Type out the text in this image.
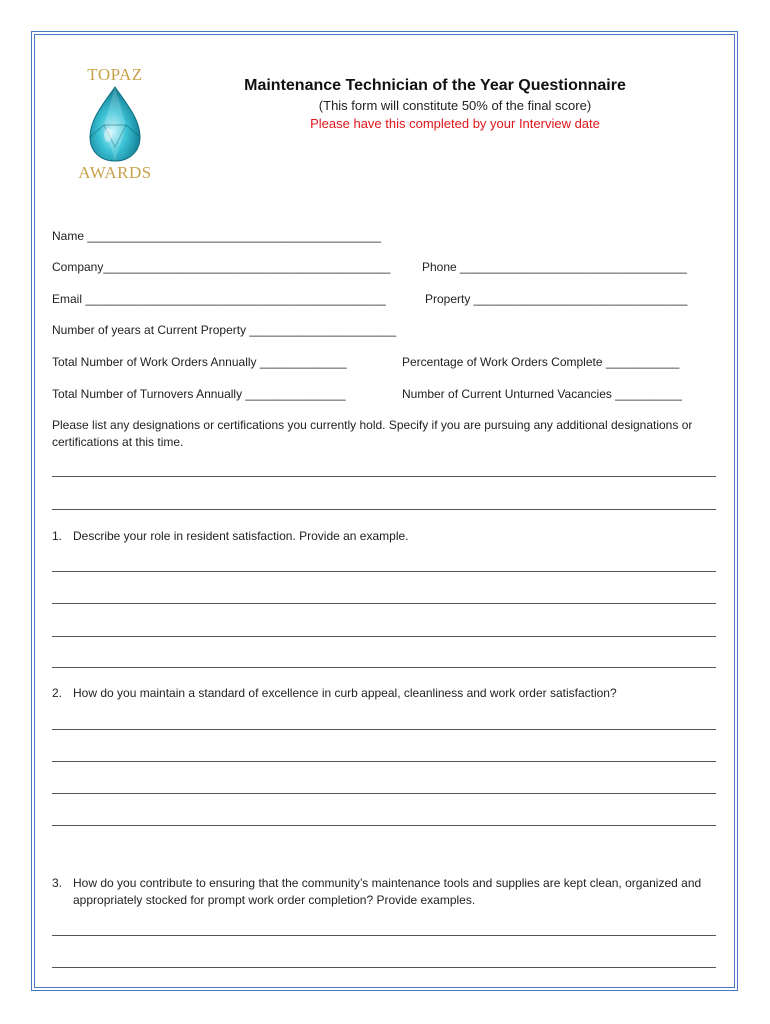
TOPAZ
AWARDS
Maintenance Technician of the Year Questionnaire
(This form will constitute 50% of the final score)
Please have this completed by your Interview date
Name ____________________________________________
Company___________________________________________	Phone __________________________________
Email _____________________________________________	Property ________________________________
Number of years at Current Property ______________________
Total Number of Work Orders Annually _____________	Percentage of Work Orders Complete ___________
Total Number of Turnovers Annually _______________	Number of Current Unturned Vacancies __________
Please list any designations or certifications you currently hold. Specify if you are pursuing any additional designations or certifications at this time.
1. Describe your role in resident satisfaction. Provide an example.
2. How do you maintain a standard of excellence in curb appeal, cleanliness and work order satisfaction?
3. How do you contribute to ensuring that the community’s maintenance tools and supplies are kept clean, organized and appropriately stocked for prompt work order completion? Provide examples.
